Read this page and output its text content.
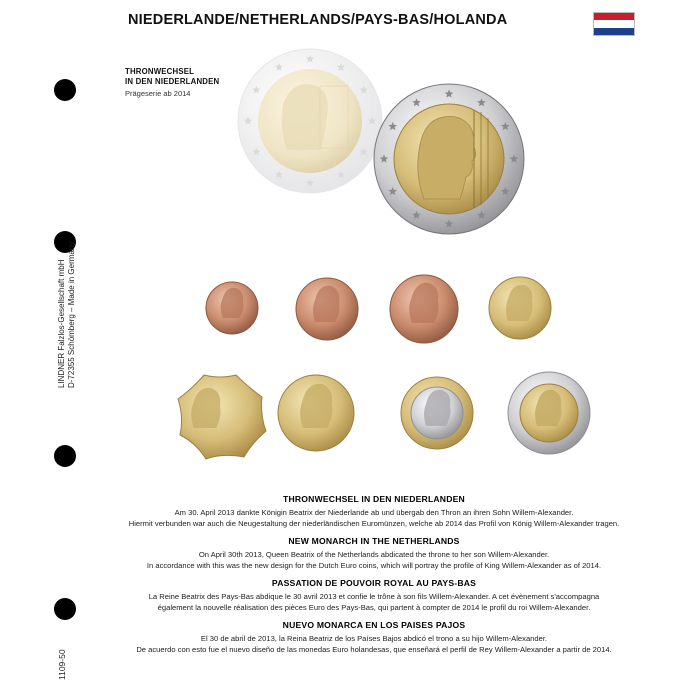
NIEDERLANDE/NETHERLANDS/PAYS-BAS/HOLANDA
LINDNER Falzlos-Gesellschaft mbH D-72355 Schömberg – Made in Germany
1109-50
THRONWECHSEL
IN DEN NIEDERLANDEN
Prägeserie ab 2014
THRONWECHSEL IN DEN NIEDERLANDEN
Am 30. April 2013 dankte Königin Beatrix der Niederlande ab und übergab den Thron an ihren Sohn Willem-Alexander.
Hiermit verbunden war auch die Neugestaltung der niederländischen Euromünzen, welche ab 2014 das Profil von König Willem-Alexander tragen.
NEW MONARCH IN THE NETHERLANDS
On April 30th 2013, Queen Beatrix of the Netherlands abdicated the throne to her son Willem-Alexander.
In accordance with this was the new design for the Dutch Euro coins, which will portray the profile of King Willem-Alexander as of 2014.
PASSATION DE POUVOIR ROYAL AU PAYS-BAS
La Reine Beatrix des Pays-Bas abdique le 30 avril 2013 et confie le trône à son fils Willem-Alexander. A cet évènement s'accompagna
également la nouvelle réalisation des pièces Euro des Pays-Bas, qui partent à compter de 2014 le profil du roi Willem-Alexander.
NUEVO MONARCA EN LOS PAISES PAJOS
El 30 de abril de 2013, la Reina Beatriz de los Países Bajos abdicó el trono a su hijo Willem-Alexander.
De acuerdo con esto fue el nuevo diseño de las monedas Euro holandesas, que enseñará el perfil de Rey Willem-Alexander a partir de 2014.
